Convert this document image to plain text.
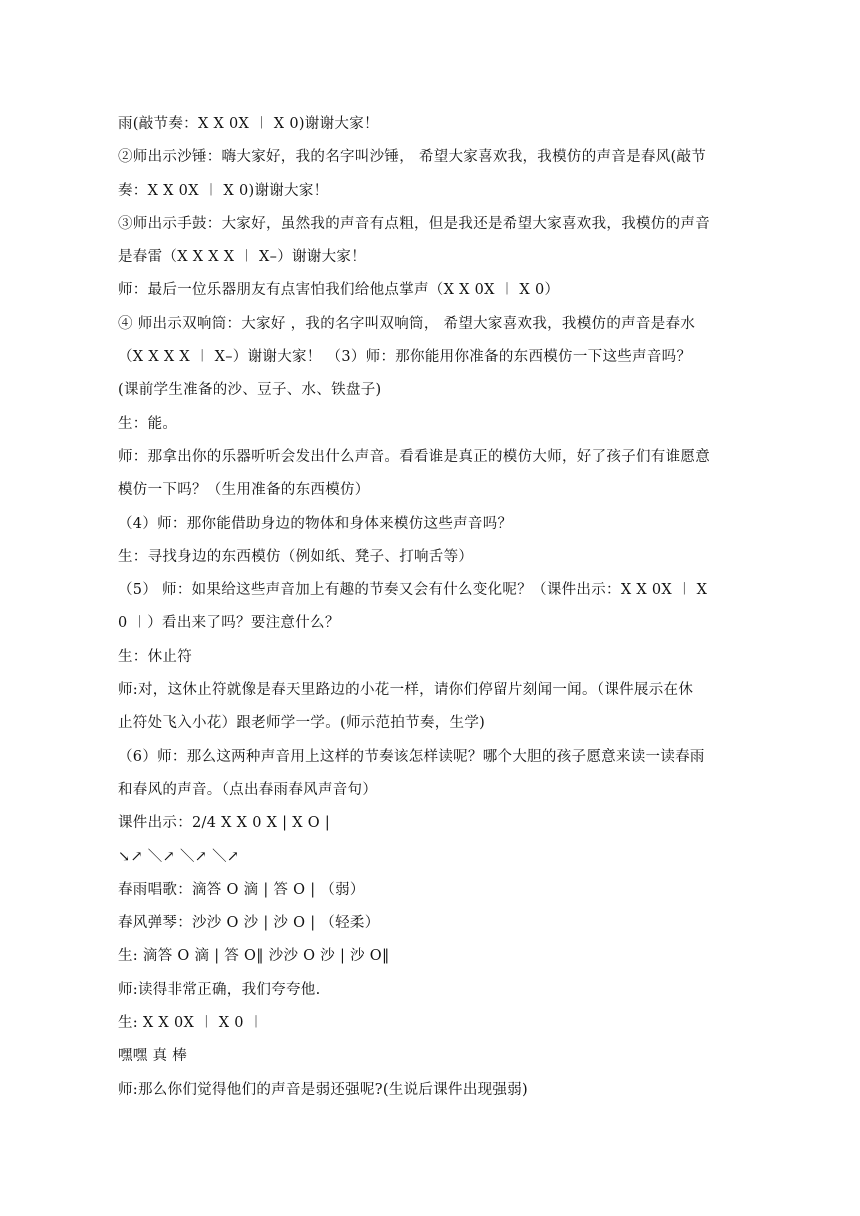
雨(敲节奏：X X 0X ︱ X 0)谢谢大家！
②师出示沙锤：嗨大家好，我的名字叫沙锤， 希望大家喜欢我，我模仿的声音是春风(敲节
奏：X X 0X ︱ X 0)谢谢大家！
③师出示手鼓：大家好，虽然我的声音有点粗，但是我还是希望大家喜欢我，我模仿的声音
是春雷（X X X X ︱ X–）谢谢大家！
师：最后一位乐器朋友有点害怕我们给他点掌声（X X 0X ︱ X 0）
④ 师出示双响筒：大家好 ，我的名字叫双响筒， 希望大家喜欢我，我模仿的声音是春水
（X X X X ︱ X–）谢谢大家！ （3）师：那你能用你准备的东西模仿一下这些声音吗？
(课前学生准备的沙、豆子、水、铁盘子)
生：能。
师：那拿出你的乐器听听会发出什么声音。看看谁是真正的模仿大师，好了孩子们有谁愿意
模仿一下吗？（生用准备的东西模仿）
（4）师：那你能借助身边的物体和身体来模仿这些声音吗？
生：寻找身边的东西模仿（例如纸、凳子、打响舌等）
（5） 师：如果给这些声音加上有趣的节奏又会有什么变化呢？（课件出示：X X 0X ︱ X
0 ︱）看出来了吗？要注意什么？
生：休止符
师:对，这休止符就像是春天里路边的小花一样，请你们停留片刻闻一闻。（课件展示在休
止符处飞入小花）跟老师学一学。(师示范拍节奏，生学)
（6）师：那么这两种声音用上这样的节奏该怎样读呢？哪个大胆的孩子愿意来读一读春雨
和春风的声音。（点出春雨春风声音句）
课件出示：2/4 X X 0 X | X O |
↘↗ ＼↗ ＼↗ ＼↗
春雨唱歌：滴答 O 滴 | 答 O | （弱）
春风弹琴：沙沙 O 沙 | 沙 O | （轻柔）
生: 滴答 O 滴 | 答 O‖ 沙沙 O 沙 | 沙 O‖
师:读得非常正确，我们夸夸他.
生: X X 0X ︱ X 0 ︱
嘿嘿 真 棒
师:那么你们觉得他们的声音是弱还强呢?(生说后课件出现强弱)
